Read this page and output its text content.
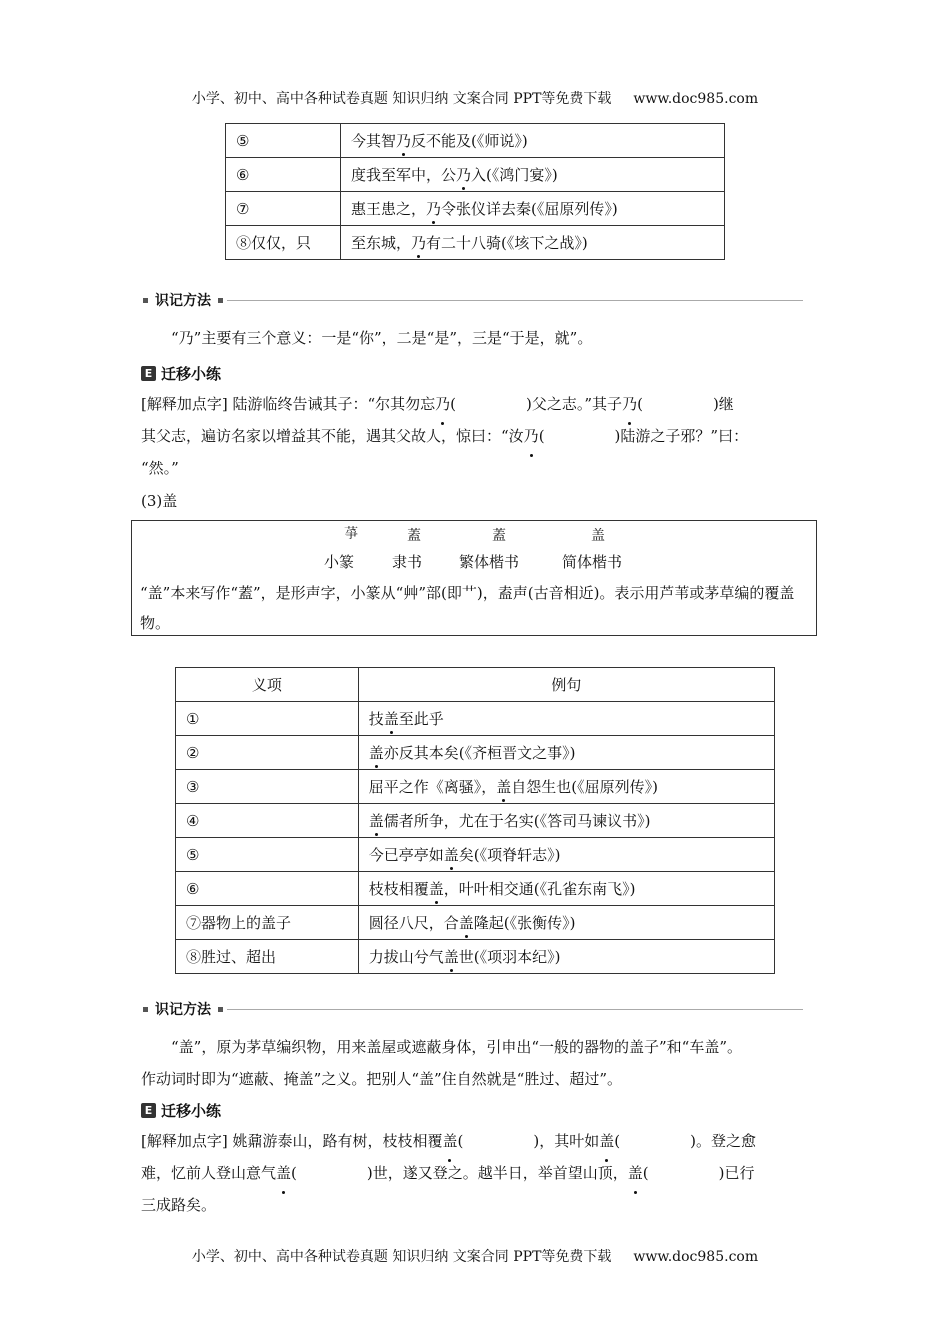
小学、初中、高中各种试卷真题 知识归纳 文案合同 PPT等免费下载 www.doc985.com
⑤	今其智乃反不能及(《师说》)
⑥	度我至军中，公乃入(《鸿门宴》)
⑦	惠王患之，乃令张仪详去秦(《屈原列传》)
⑧仅仅，只	至东城，乃有二十八骑(《垓下之战》)
识记方法
“乃”主要有三个意义：一是“你”，二是“是”，三是“于是，就”。
E 迁移小练
[解释加点字] 陆游临终告诫其子：“尔其勿忘乃(	)父之志。”其子乃(	)继
其父志，遍访名家以增益其不能，遇其父故人，惊曰：“汝乃(	)陆游之子邪？”曰：
“然。”
(3)盖
𦱊	蓋	蓋	盖
小篆	隶书 繁体楷书	简体楷书
“盖”本来写作“蓋”，是形声字，小篆从“艸”部(即艹)，盍声(古音相近)。表示用芦苇或茅草编的覆盖物。
义项	例句
①	技盖至此乎
②	盖亦反其本矣(《齐桓晋文之事》)
③	屈平之作《离骚》，盖自怨生也(《屈原列传》)
④	盖儒者所争，尤在于名实(《答司马谏议书》)
⑤	今已亭亭如盖矣(《项脊轩志》)
⑥	枝枝相覆盖，叶叶相交通(《孔雀东南飞》)
⑦器物上的盖子	圆径八尺，合盖隆起(《张衡传》)
⑧胜过、超出	力拔山兮气盖世(《项羽本纪》)
识记方法
“盖”，原为茅草编织物，用来盖屋或遮蔽身体，引申出“一般的器物的盖子”和“车盖”。
作动词时即为“遮蔽、掩盖”之义。把别人“盖”住自然就是“胜过、超过”。
E 迁移小练
[解释加点字] 姚鼐游泰山，路有树，枝枝相覆盖(	)，其叶如盖(	)。登之愈
难，忆前人登山意气盖(	)世，遂又登之。越半日，举首望山顶，盖(	)已行
三成路矣。
小学、初中、高中各种试卷真题 知识归纳 文案合同 PPT等免费下载 www.doc985.com
